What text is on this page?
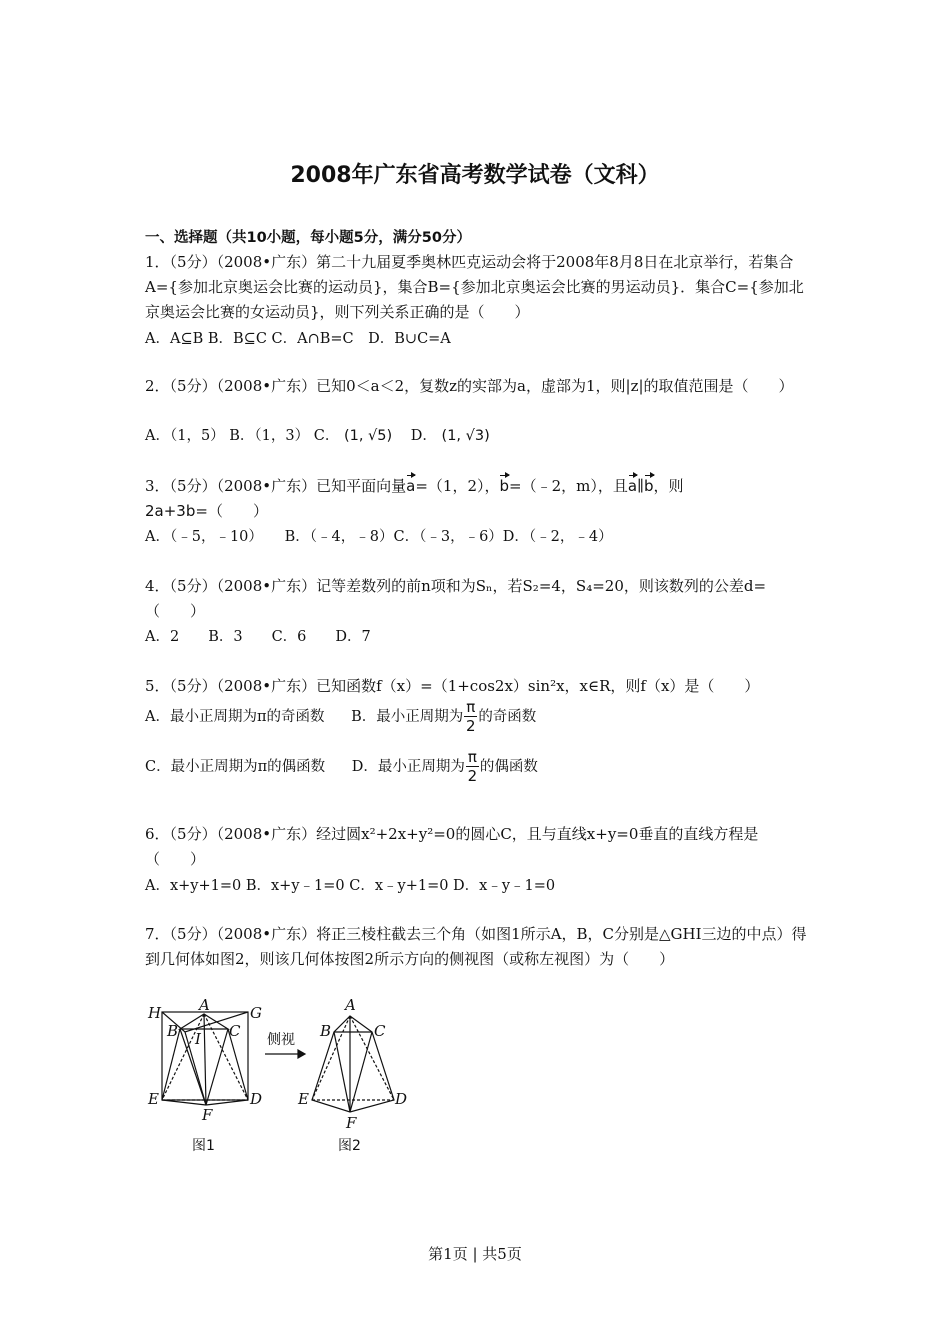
2008年广东省高考数学试卷（文科）
一、选择题（共10小题，每小题5分，满分50分）
1．（5分）（2008•广东）第二十九届夏季奥林匹克运动会将于2008年8月8日在北京举行，若集合A={参加北京奥运会比赛的运动员}，集合B={参加北京奥运会比赛的男运动员}．集合C={参加北京奥运会比赛的女运动员}，则下列关系正确的是（　　）
A．A⊆B B．B⊆C C．A∩B=C　D．B∪C=A
2．（5分）（2008•广东）已知0＜a＜2，复数z的实部为a，虚部为1，则|z|的取值范围是（　　）
A．（1，5） B．（1，3） C． (1, √5) D． (1, √3)
3．（5分）（2008•广东）已知平面向量a=（1，2），b=（﹣2，m），且a∥b，则
2a+3b=（　　）
A．（﹣5，﹣10）　　B．（﹣4，﹣8）C．（﹣3，﹣6）D．（﹣2，﹣4）
4．（5分）（2008•广东）记等差数列的前n项和为Sₙ，若S₂=4，S₄=20，则该数列的公差d=（　　）
A．2　　B．3　　C．6　　D．7
5．（5分）（2008•广东）已知函数f（x）=（1+cos2x）sin²x，x∈R，则f（x）是（　　）
A．最小正周期为π的奇函数 B．最小正周期为 $\frac{\pi}{2}$ 的奇函数
C．最小正周期为π的偶函数 D．最小正周期为 $\frac{\pi}{2}$ 的偶函数
6．（5分）（2008•广东）经过圆x²+2x+y²=0的圆心C，且与直线x+y=0垂直的直线方程是（　　）
A．x+y+1=0 B．x+y﹣1=0 C．x﹣y+1=0 D．x﹣y﹣1=0
7．（5分）（2008•广东）将正三棱柱截去三个角（如图1所示A，B，C分别是△GHI三边的中点）得到几何体如图2，则该几何体按图2所示方向的侧视图（或称左视图）为（　　）
H	A	G
B	C
I
E	D
F
A
B	C
E	D
F
侧视
图1	图2
第1页 | 共5页
